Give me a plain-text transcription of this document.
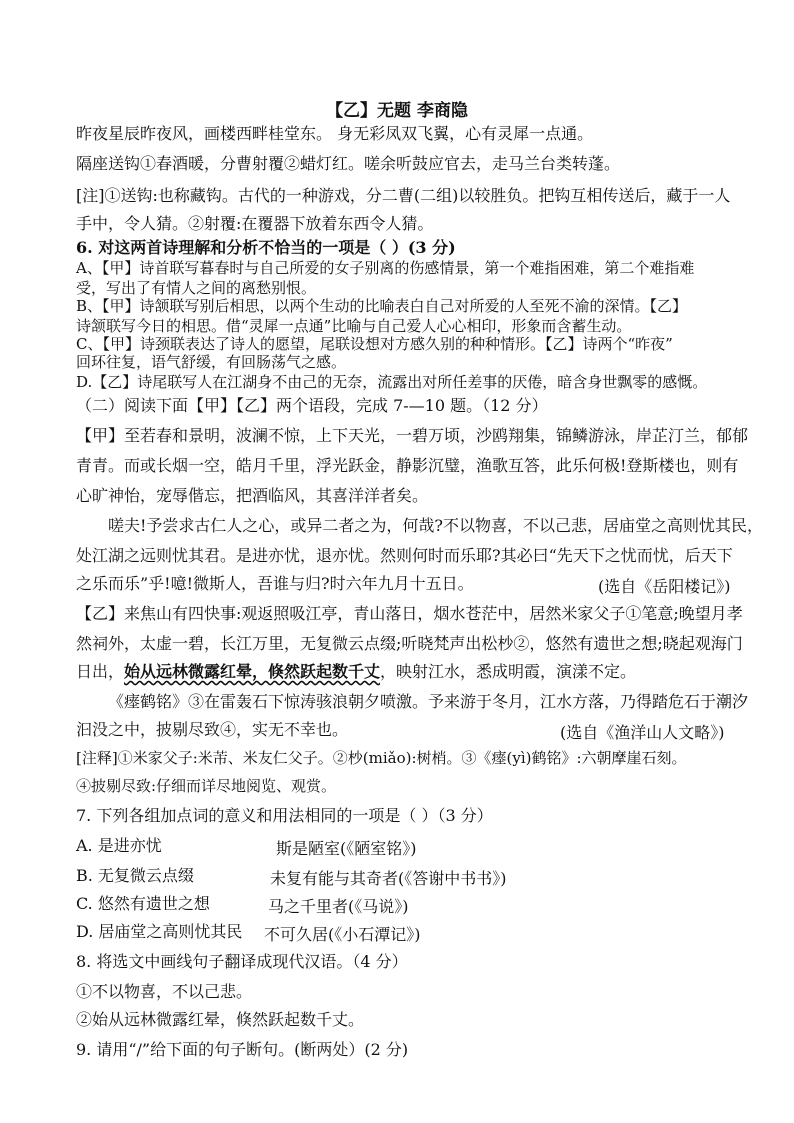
【乙】无题 李商隐
昨夜星辰昨夜风，画楼西畔桂堂东。 身无彩凤双飞翼，心有灵犀一点通。
隔座送钩①春酒暖，分曹射覆②蜡灯红。嗟余听鼓应官去，走马兰台类转蓬。
[注]①送钩:也称藏钩。古代的一种游戏，分二曹(二组)以较胜负。把钩互相传送后，藏于一人
手中，令人猜。②射覆:在覆器下放着东西令人猜。
6. 对这两首诗理解和分析不恰当的一项是（ ）(3 分)
A、【甲】诗首联写暮春时与自己所爱的女子别离的伤感情景，第一个难指困难，第二个难指难
受，写出了有情人之间的离愁别恨。
B、【甲】诗颔联写别后相思，以两个生动的比喻表白自己对所爱的人至死不渝的深情。【乙】
诗颔联写今日的相思。借“灵犀一点通”比喻与自己爱人心心相印，形象而含蓄生动。
C、【甲】诗颈联表达了诗人的愿望，尾联设想对方感久别的种种情形。【乙】诗两个“昨夜”
回环往复，语气舒缓，有回肠荡气之感。
D.【乙】诗尾联写人在江湖身不由己的无奈，流露出对所任差事的厌倦，暗含身世飘零的感慨。
（二）阅读下面【甲】【乙】两个语段，完成 7-—10 题。（12 分）
【甲】至若春和景明，波澜不惊，上下天光，一碧万顷，沙鸥翔集，锦鳞游泳，岸芷汀兰，郁郁
青青。而或长烟一空，皓月千里，浮光跃金，静影沉璧，渔歌互答，此乐何极!登斯楼也，则有
心旷神怡，宠辱偕忘，把酒临风，其喜洋洋者矣。
嗟夫!予尝求古仁人之心，或异二者之为，何哉?不以物喜，不以己悲，居庙堂之高则忧其民，
处江湖之远则忧其君。是进亦忧，退亦忧。然则何时而乐耶?其必曰“先天下之忧而忧，后天下
之乐而乐”乎!噫!微斯人，吾谁与归?时六年九月十五日。	(选自《岳阳楼记》)
【乙】来焦山有四快事:观返照吸江亭，青山落日，烟水苍茫中，居然米家父子①笔意;晚望月孝
然祠外，太虚一碧，长江万里，无复微云点缀;听晓梵声出松杪②，悠然有遗世之想;晓起观海门
日出，始从远林微露红晕，倏然跃起数千丈，映射江水，悉成明霞，演漾不定。
《瘗鹤铭》③在雷轰石下惊涛骇浪朝夕喷激。予来游于冬月，江水方落，乃得踏危石于潮汐
汩没之中，披剔尽致④，实无不幸也。	(选自《渔洋山人文略》)
[注释]①米家父子:米芾、米友仁父子。②杪(miǎo):树梢。③《瘗(yì)鹤铭》:六朝摩崖石刻。
④披剔尽致:仔细而详尽地阅览、观赏。
7. 下列各组加点词的意义和用法相同的一项是（ ）（3 分）
A. 是进亦忧	斯是陋室(《陋室铭》)
B. 无复微云点缀	未复有能与其奇者(《答谢中书书》)
C. 悠然有遗世之想	马之千里者(《马说》)
D. 居庙堂之高则忧其民 不可久居(《小石潭记》)
8. 将选文中画线句子翻译成现代汉语。（4 分）
①不以物喜，不以己悲。
②始从远林微露红晕，倏然跃起数千丈。
9. 请用“/”给下面的句子断句。(断两处）(2 分)
